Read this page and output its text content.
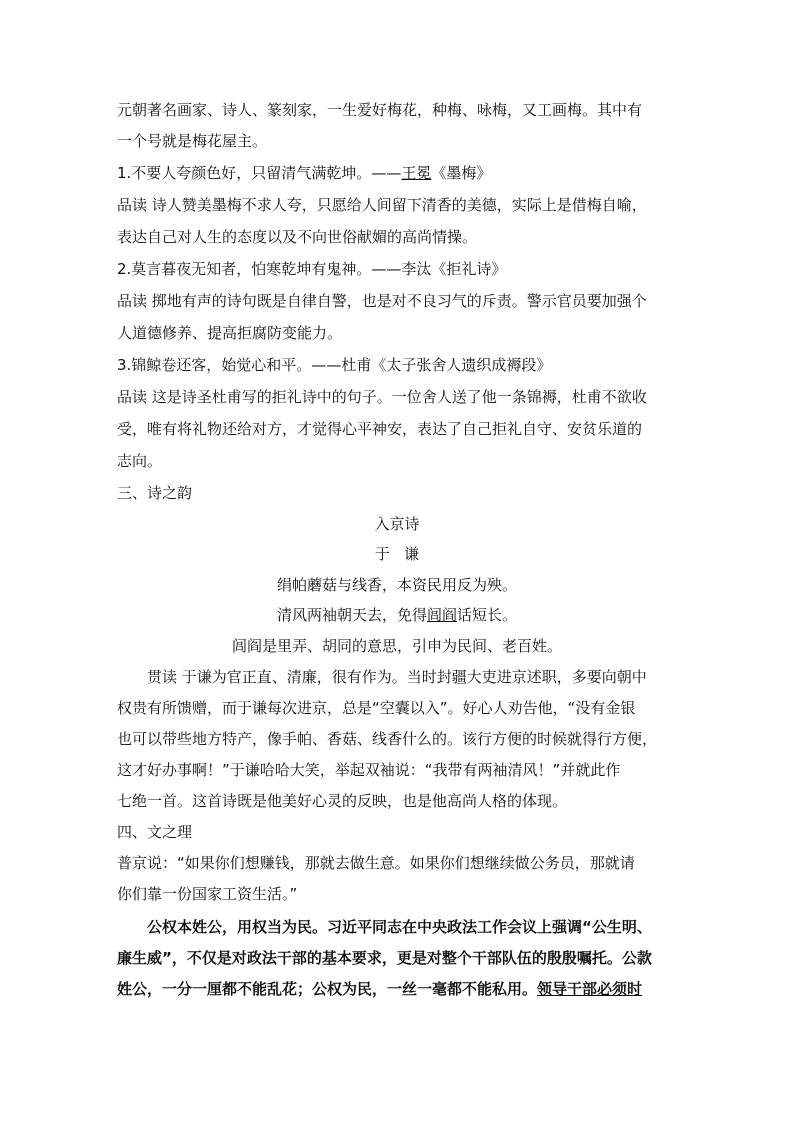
元朝著名画家、诗人、篆刻家，一生爱好梅花，种梅、咏梅，又工画梅。其中有
一个号就是梅花屋主。
1.不要人夸颜色好，只留清气满乾坤。——王冕《墨梅》
品读 诗人赞美墨梅不求人夸，只愿给人间留下清香的美德，实际上是借梅自喻，
表达自己对人生的态度以及不向世俗献媚的高尚情操。
2.莫言暮夜无知者，怕寒乾坤有鬼神。——李汰《拒礼诗》
品读 掷地有声的诗句既是自律自警，也是对不良习气的斥责。警示官员要加强个
人道德修养、提高拒腐防变能力。
3.锦鲸卷还客，始觉心和平。——杜甫《太子张舍人遗织成褥段》
品读 这是诗圣杜甫写的拒礼诗中的句子。一位舍人送了他一条锦褥，杜甫不欲收
受，唯有将礼物还给对方，才觉得心平神安，表达了自己拒礼自守、安贫乐道的
志向。
三、诗之韵
入京诗
于   谦
绢帕蘑菇与线香，本资民用反为殃。
清风两袖朝天去，免得闾阎话短长。
闾阎是里弄、胡同的意思，引申为民间、老百姓。
贯读 于谦为官正直、清廉，很有作为。当时封疆大吏进京述职，多要向朝中
权贵有所馈赠，而于谦每次进京，总是“空囊以入”。好心人劝告他，“没有金银
也可以带些地方特产，像手帕、香菇、线香什么的。该行方便的时候就得行方便，
这才好办事啊！”于谦哈哈大笑，举起双袖说：“我带有两袖清风！”并就此作
七绝一首。这首诗既是他美好心灵的反映，也是他高尚人格的体现。
四、文之理
普京说：“如果你们想赚钱，那就去做生意。如果你们想继续做公务员，那就请
你们靠一份国家工资生活。”
公权本姓公，用权当为民。习近平同志在中央政法工作会议上强调“公生明、
廉生威”，不仅是对政法干部的基本要求，更是对整个干部队伍的殷殷嘱托。公款
姓公，一分一厘都不能乱花；公权为民，一丝一毫都不能私用。领导干部必须时
